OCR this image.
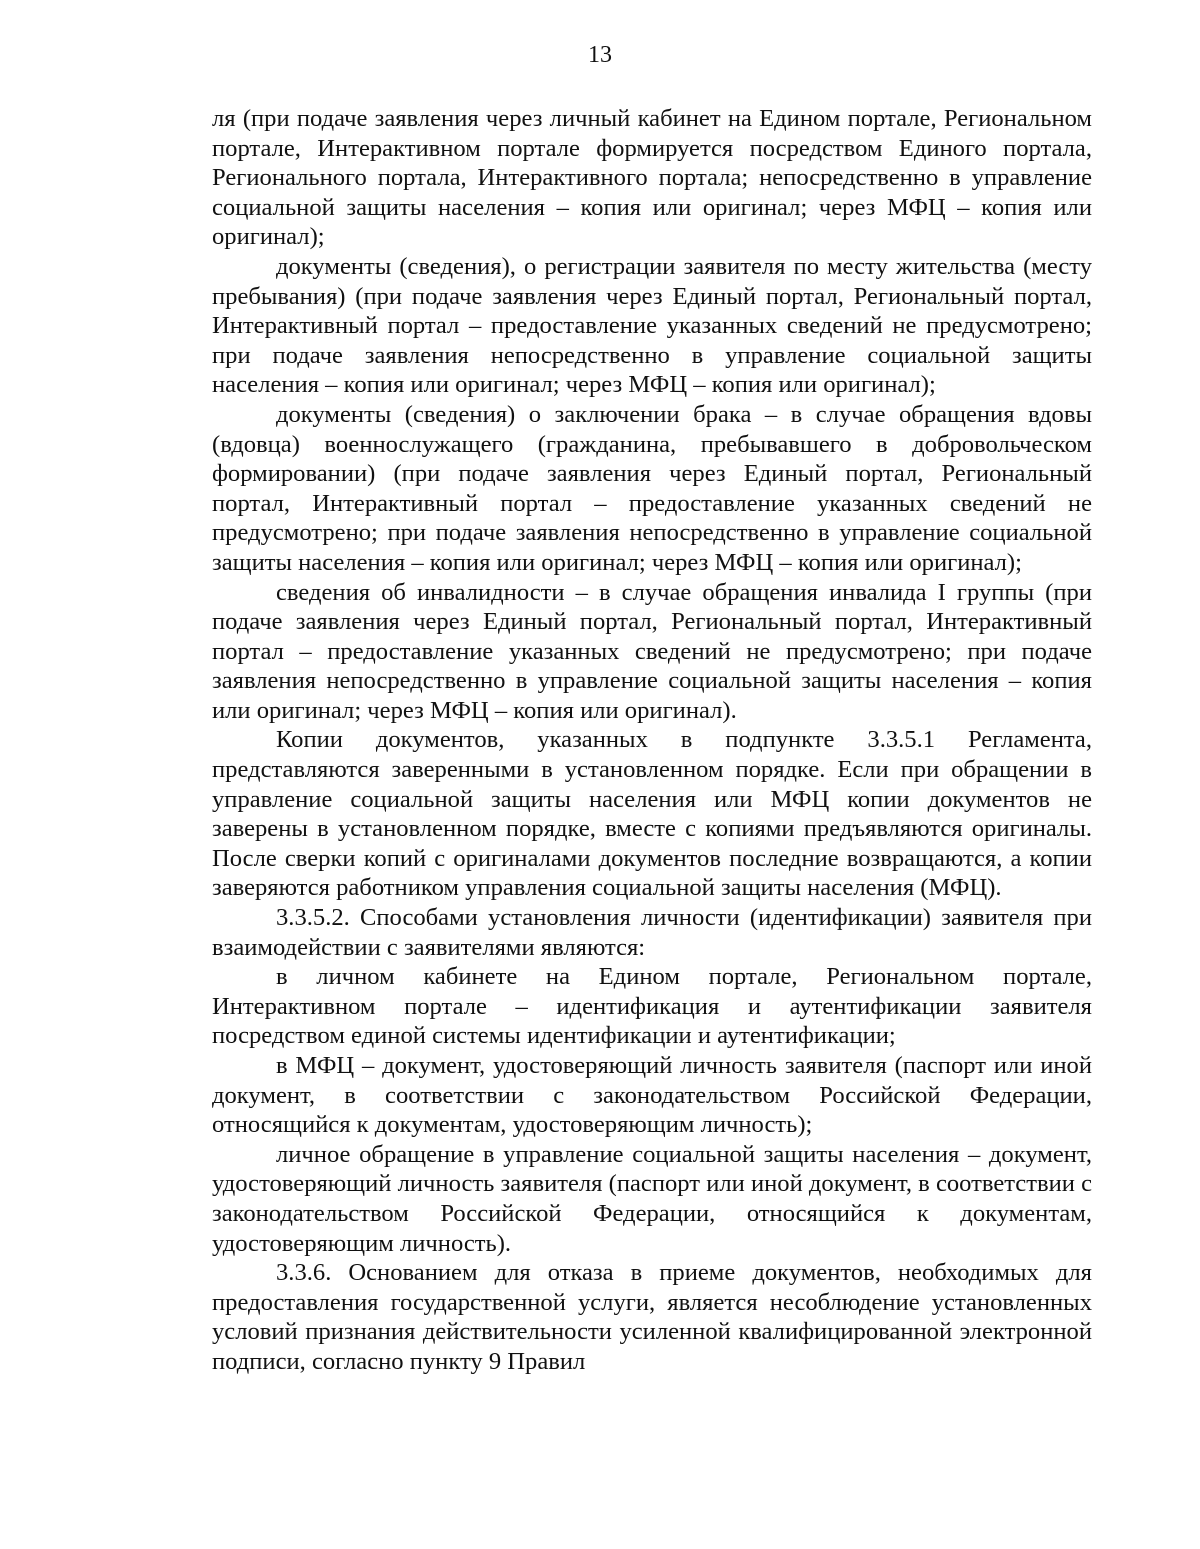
13

ля (при подаче заявления через личный кабинет на Едином портале, Региональном портале, Интерактивном портале формируется посредством Единого портала, Регионального портала, Интерактивного портала; непосредственно в управление социальной защиты населения – копия или оригинал; через МФЦ – копия или оригинал);

документы (сведения), о регистрации заявителя по месту жительства (месту пребывания) (при подаче заявления через Единый портал, Региональный портал, Интерактивный портал – предоставление указанных сведений не предусмотрено; при подаче заявления непосредственно в управление социальной защиты населения – копия или оригинал; через МФЦ – копия или оригинал);

документы (сведения) о заключении брака – в случае обращения вдовы (вдовца) военнослужащего (гражданина, пребывавшего в добровольческом формировании) (при подаче заявления через Единый портал, Региональный портал, Интерактивный портал – предоставление указанных сведений не предусмотрено; при подаче заявления непосредственно в управление социальной защиты населения – копия или оригинал; через МФЦ – копия или оригинал);

сведения об инвалидности – в случае обращения инвалида I группы (при подаче заявления через Единый портал, Региональный портал, Интерактивный портал – предоставление указанных сведений не предусмотрено; при подаче заявления непосредственно в управление социальной защиты населения – копия или оригинал; через МФЦ – копия или оригинал).

Копии документов, указанных в подпункте 3.3.5.1 Регламента, представляются заверенными в установленном порядке. Если при обращении в управление социальной защиты населения или МФЦ копии документов не заверены в установленном порядке, вместе с копиями предъявляются оригиналы. После сверки копий с оригиналами документов последние возвращаются, а копии заверяются работником управления социальной защиты населения (МФЦ).

3.3.5.2. Способами установления личности (идентификации) заявителя при взаимодействии с заявителями являются:

в личном кабинете на Едином портале, Региональном портале, Интерактивном портале – идентификация и аутентификации заявителя посредством единой системы идентификации и аутентификации;

в МФЦ – документ, удостоверяющий личность заявителя (паспорт или иной документ, в соответствии с законодательством Российской Федерации, относящийся к документам, удостоверяющим личность);

личное обращение в управление социальной защиты населения – документ, удостоверяющий личность заявителя (паспорт или иной документ, в соответствии с законодательством Российской Федерации, относящийся к документам, удостоверяющим личность).

3.3.6. Основанием для отказа в приеме документов, необходимых для предоставления государственной услуги, является несоблюдение установленных условий признания действительности усиленной квалифицированной электронной подписи, согласно пункту 9 Правил
